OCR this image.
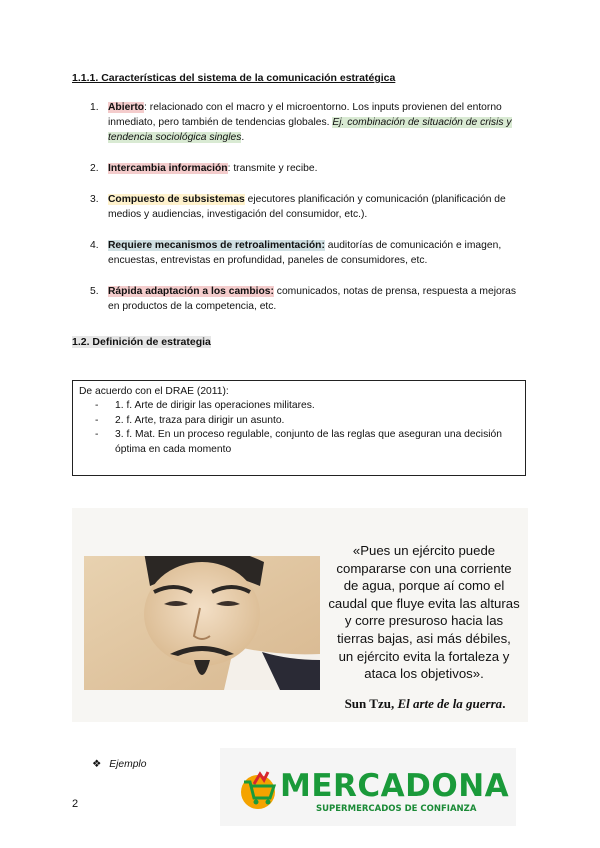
1.1.1. Características del sistema de la comunicación estratégica
1. Abierto: relacionado con el macro y el microentorno. Los inputs provienen del entorno inmediato, pero también de tendencias globales. Ej. combinación de situación de crisis y tendencia sociológica singles.
2. Intercambia información: transmite y recibe.
3. Compuesto de subsistemas ejecutores planificación y comunicación (planificación de medios y audiencias, investigación del consumidor, etc.).
4. Requiere mecanismos de retroalimentación: auditorías de comunicación e imagen, encuestas, entrevistas en profundidad, paneles de consumidores, etc.
5. Rápida adaptación a los cambios: comunicados, notas de prensa, respuesta a mejoras en productos de la competencia, etc.
1.2. Definición de estrategia
De acuerdo con el DRAE (2011):
- 1. f. Arte de dirigir las operaciones militares.
- 2. f. Arte, traza para dirigir un asunto.
- 3. f. Mat. En un proceso regulable, conjunto de las reglas que aseguran una decisión óptima en cada momento
«Pues un ejército puede compararse con una corriente de agua, porque aí como el caudal que fluye evita las alturas y corre presuroso hacia las tierras bajas, asi más débiles, un ejército evita la fortaleza y ataca los objetivos».
Sun Tzu, El arte de la guerra.
❖ Ejemplo
MERCADONA
SUPERMERCADOS DE CONFIANZA
2
